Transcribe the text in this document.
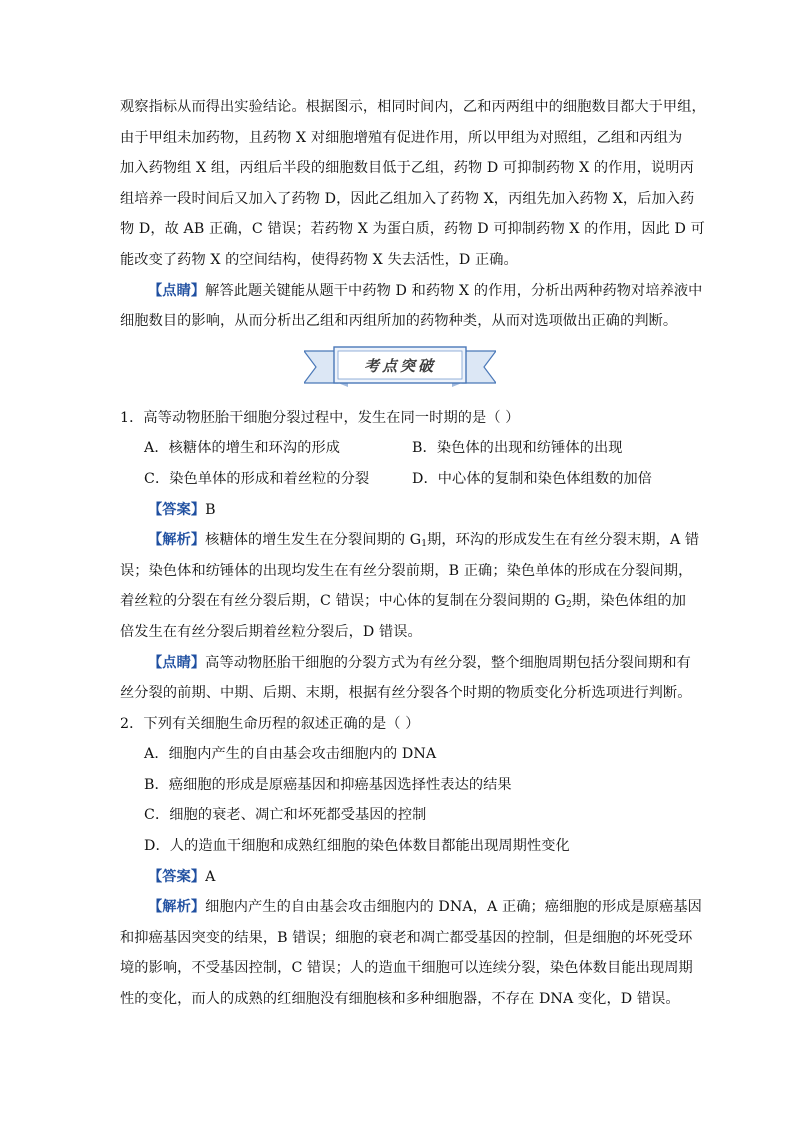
观察指标从而得出实验结论。根据图示，相同时间内，乙和丙两组中的细胞数目都大于甲组，
由于甲组未加药物，且药物 X 对细胞增殖有促进作用，所以甲组为对照组，乙组和丙组为
加入药物组 X 组，丙组后半段的细胞数目低于乙组，药物 D 可抑制药物 X 的作用，说明丙
组培养一段时间后又加入了药物 D，因此乙组加入了药物 X，丙组先加入药物 X，后加入药
物 D，故 AB 正确，C 错误；若药物 X 为蛋白质，药物 D 可抑制药物 X 的作用，因此 D 可
能改变了药物 X 的空间结构，使得药物 X 失去活性，D 正确。
【点睛】解答此题关键能从题干中药物 D 和药物 X 的作用，分析出两种药物对培养液中
细胞数目的影响，从而分析出乙组和丙组所加的药物种类，从而对选项做出正确的判断。
考点突破
1．高等动物胚胎干细胞分裂过程中，发生在同一时期的是（ ）
A．核糖体的增生和环沟的形成	B．染色体的出现和纺锤体的出现
C．染色单体的形成和着丝粒的分裂	D．中心体的复制和染色体组数的加倍
【答案】B
【解析】核糖体的增生发生在分裂间期的 $G_1$期，环沟的形成发生在有丝分裂末期，A 错
误；染色体和纺锤体的出现均发生在有丝分裂前期，B 正确；染色单体的形成在分裂间期，
着丝粒的分裂在有丝分裂后期，C 错误；中心体的复制在分裂间期的 $G_2$期，染色体组的加
倍发生在有丝分裂后期着丝粒分裂后，D 错误。
【点睛】高等动物胚胎干细胞的分裂方式为有丝分裂，整个细胞周期包括分裂间期和有
丝分裂的前期、中期、后期、末期，根据有丝分裂各个时期的物质变化分析选项进行判断。
2．下列有关细胞生命历程的叙述正确的是（ ）
A．细胞内产生的自由基会攻击细胞内的 DNA
B．癌细胞的形成是原癌基因和抑癌基因选择性表达的结果
C．细胞的衰老、凋亡和坏死都受基因的控制
D．人的造血干细胞和成熟红细胞的染色体数目都能出现周期性变化
【答案】A
【解析】细胞内产生的自由基会攻击细胞内的 DNA，A 正确；癌细胞的形成是原癌基因
和抑癌基因突变的结果，B 错误；细胞的衰老和凋亡都受基因的控制，但是细胞的坏死受环
境的影响，不受基因控制，C 错误；人的造血干细胞可以连续分裂，染色体数目能出现周期
性的变化，而人的成熟的红细胞没有细胞核和多种细胞器，不存在 DNA 变化，D 错误。
